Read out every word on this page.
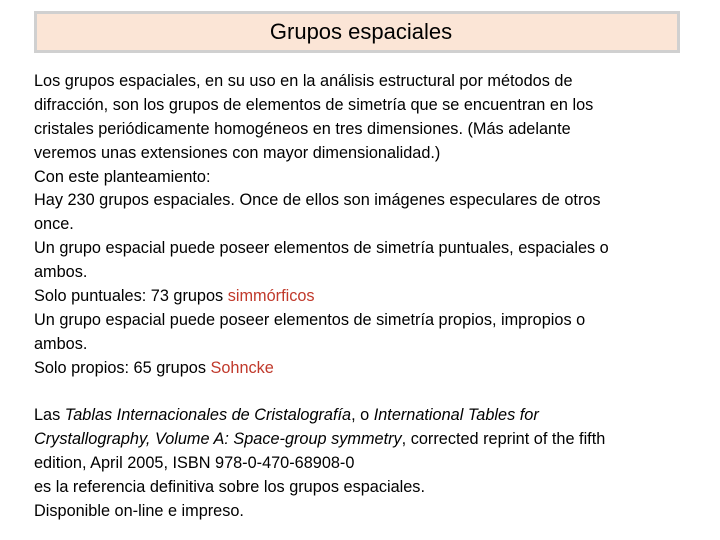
Grupos espaciales
Los grupos espaciales, en su uso en la análisis estructural por métodos de
difracción, son los grupos de elementos de simetría que se encuentran en los
cristales periódicamente homogéneos en tres dimensiones. (Más adelante
veremos unas extensiones con mayor dimensionalidad.)
Con este planteamiento:
Hay 230 grupos espaciales. Once de ellos son imágenes especulares de otros
once.
Un grupo espacial puede poseer elementos de simetría puntuales, espaciales o
ambos.
Solo puntuales: 73 grupos simmórficos
Un grupo espacial puede poseer elementos de simetría propios, impropios o
ambos.
Solo propios: 65 grupos Sohncke
Las Tablas Internacionales de Cristalografía, o International Tables for
Crystallography, Volume A: Space-group symmetry, corrected reprint of the fifth
edition, April 2005, ISBN 978-0-470-68908-0
es la referencia definitiva sobre los grupos espaciales.
Disponible on-line e impreso.
